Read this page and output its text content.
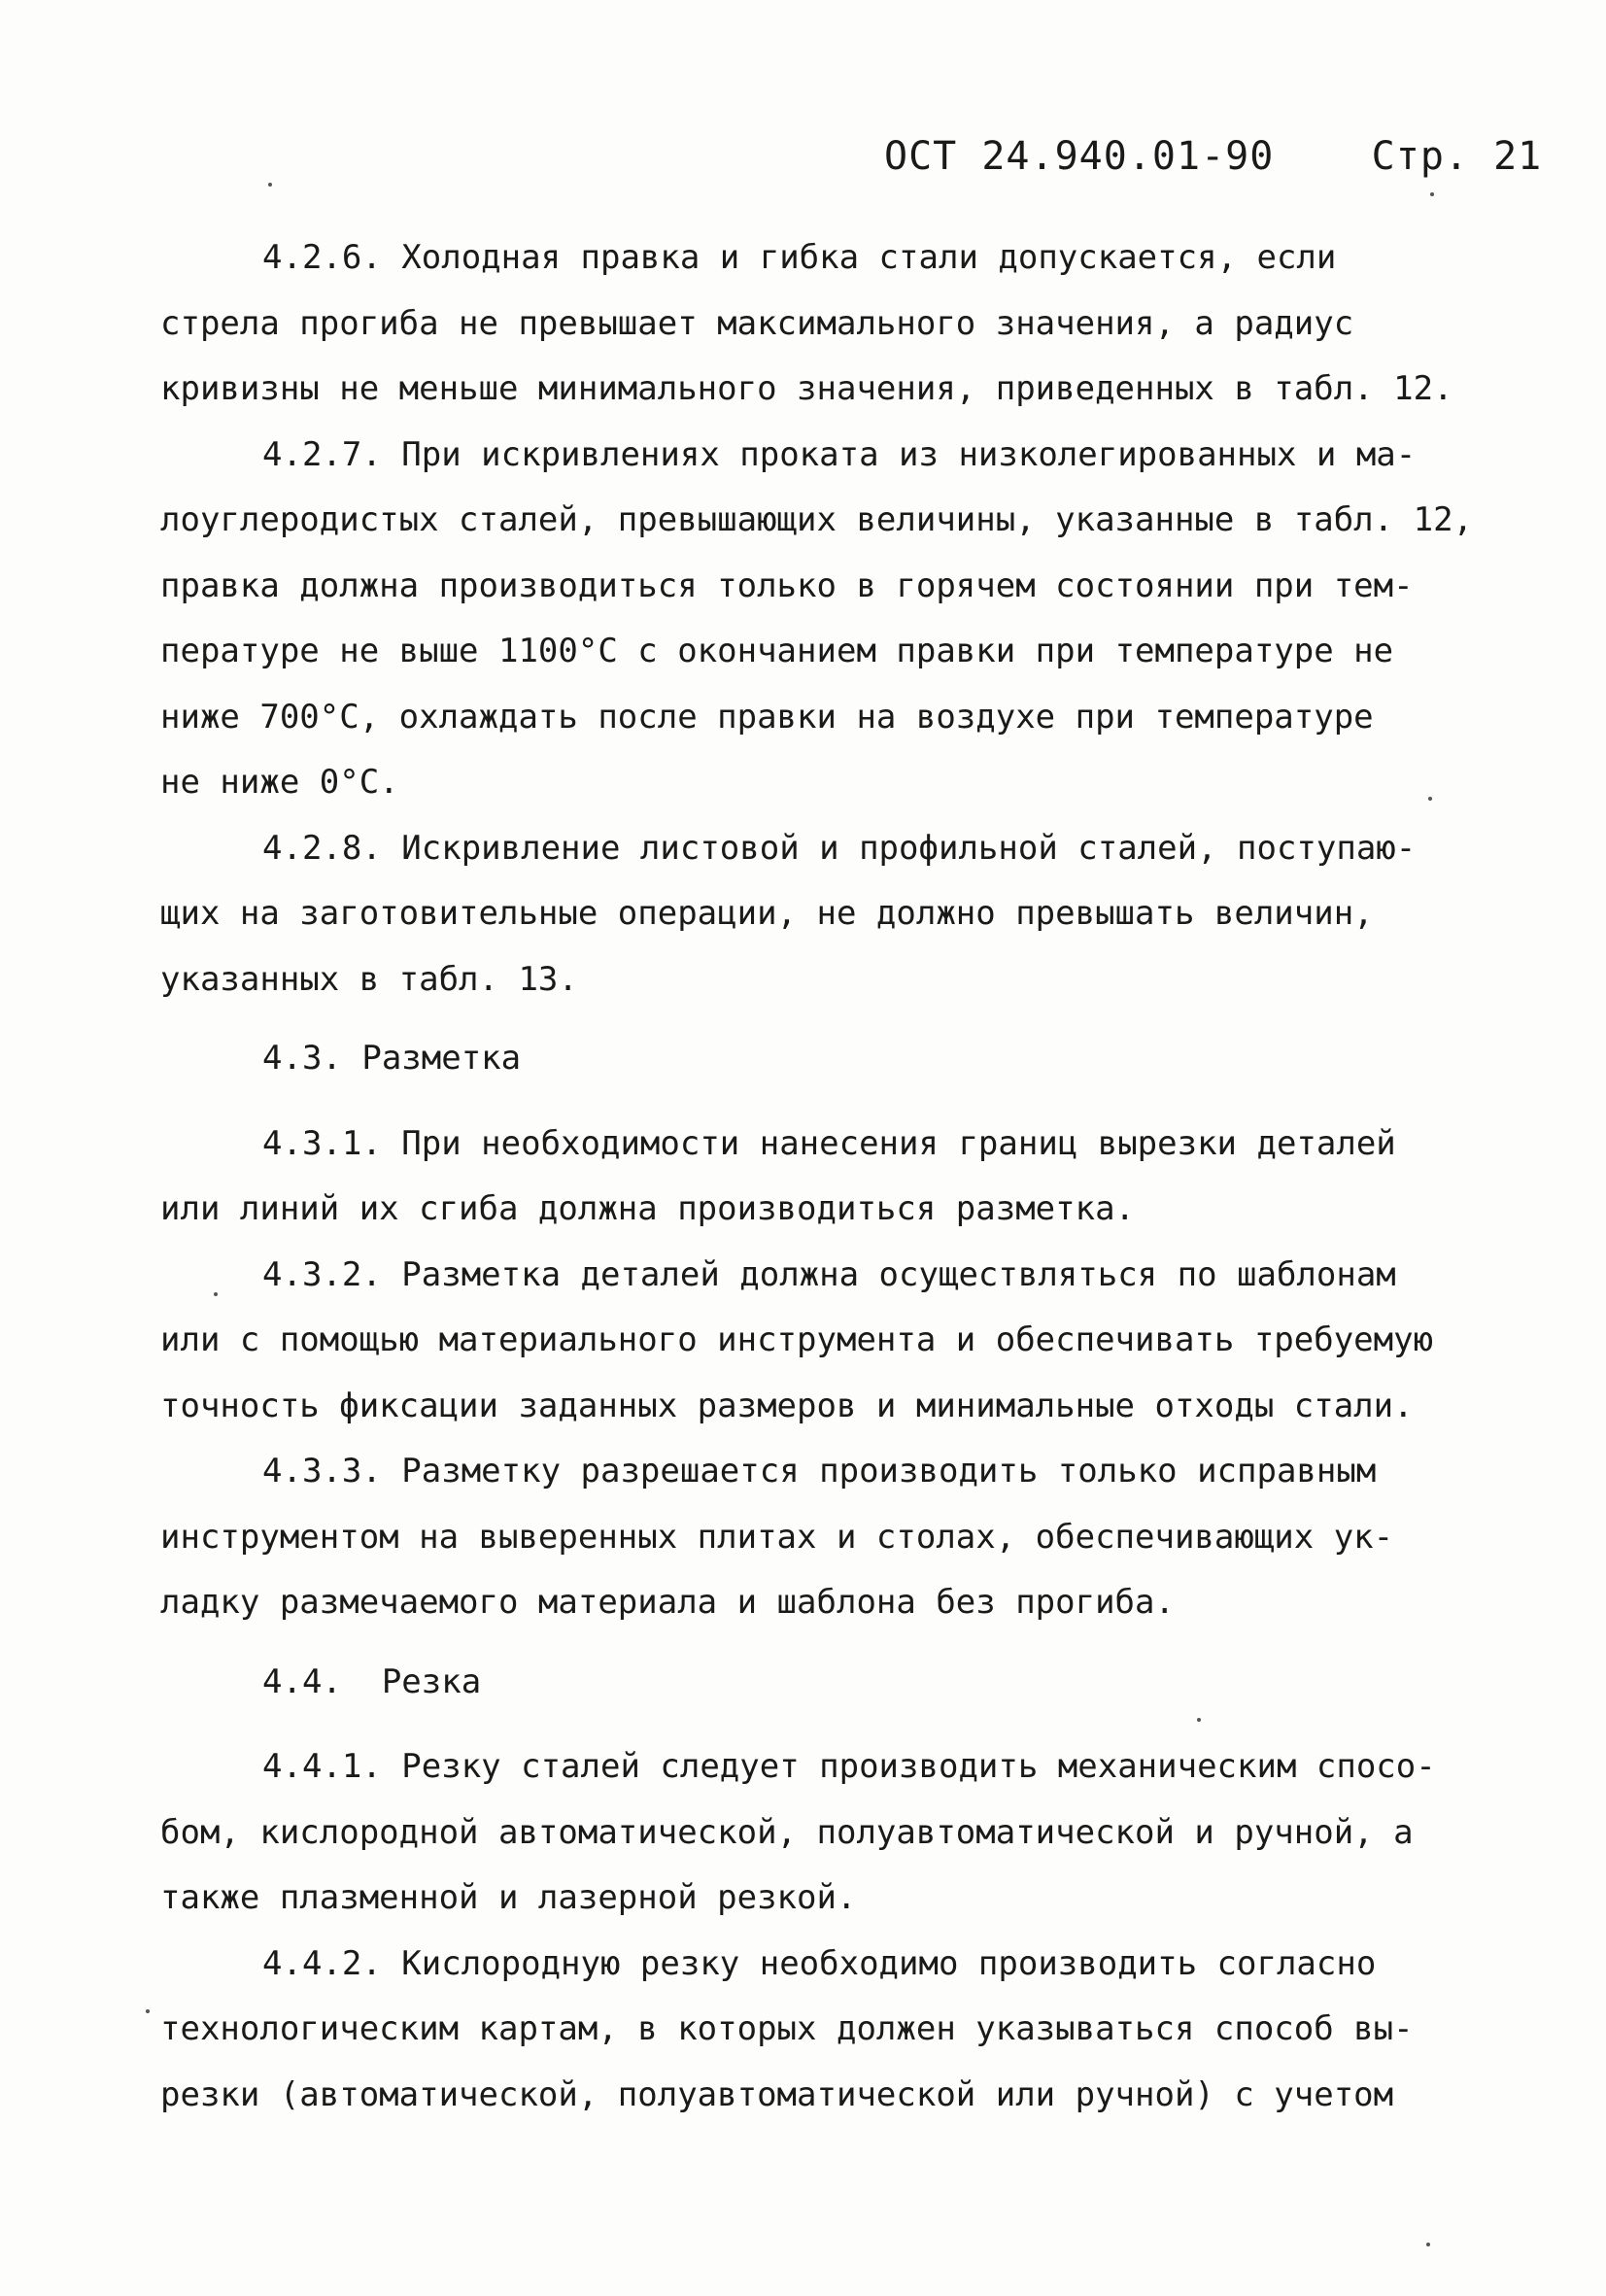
ОСТ 24.940.01-90	Стр. 21
4.2.6. Холодная правка и гибка стали допускается, если
стрела прогиба не превышает максимального значения, а радиус
кривизны не меньше минимального значения, приведенных в табл. 12.
4.2.7. При искривлениях проката из низколегированных и ма-
лоуглеродистых сталей, превышающих величины, указанные в табл. 12,
правка должна производиться только в горячем состоянии при тем-
пературе не выше 1100°С с окончанием правки при температуре не
ниже 700°С, охлаждать после правки на воздухе при температуре
не ниже 0°С.
4.2.8. Искривление листовой и профильной сталей, поступаю-
щих на заготовительные операции, не должно превышать величин,
указанных в табл. 13.
4.3. Разметка
4.3.1. При необходимости нанесения границ вырезки деталей
или линий их сгиба должна производиться разметка.
4.3.2. Разметка деталей должна осуществляться по шаблонам
или с помощью материального инструмента и обеспечивать требуемую
точность фиксации заданных размеров и минимальные отходы стали.
4.3.3. Разметку разрешается производить только исправным
инструментом на выверенных плитах и столах, обеспечивающих ук-
ладку размечаемого материала и шаблона без прогиба.
4.4.  Резка
4.4.1. Резку сталей следует производить механическим спосо-
бом, кислородной автоматической, полуавтоматической и ручной, а
также плазменной и лазерной резкой.
4.4.2. Кислородную резку необходимо производить согласно
технологическим картам, в которых должен указываться способ вы-
резки (автоматической, полуавтоматической или ручной) с учетом
